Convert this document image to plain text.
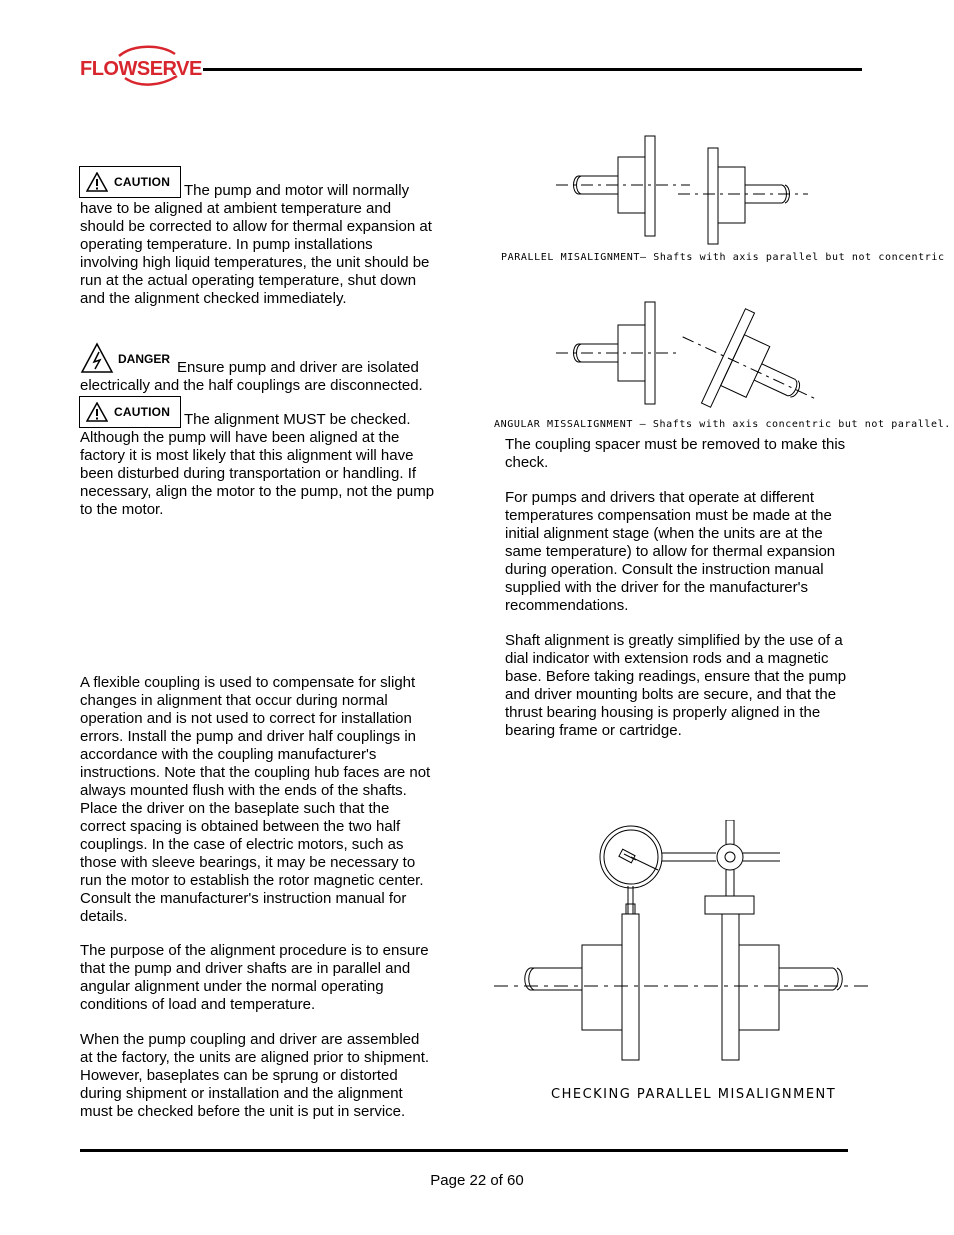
FLOWSERVE
CAUTION The pump and motor will normally
have to be aligned at ambient temperature and
should be corrected to allow for thermal expansion at
operating temperature. In pump installations
involving high liquid temperatures, the unit should be
run at the actual operating temperature, shut down
and the alignment checked immediately.
DANGER Ensure pump and driver are isolated
electrically and the half couplings are disconnected.
CAUTION The alignment MUST be checked.
Although the pump will have been aligned at the
factory it is most likely that this alignment will have
been disturbed during transportation or handling. If
necessary, align the motor to the pump, not the pump
to the motor.
A flexible coupling is used to compensate for slight
changes in alignment that occur during normal
operation and is not used to correct for installation
errors. Install the pump and driver half couplings in
accordance with the coupling manufacturer's
instructions. Note that the coupling hub faces are not
always mounted flush with the ends of the shafts.
Place the driver on the baseplate such that the
correct spacing is obtained between the two half
couplings. In the case of electric motors, such as
those with sleeve bearings, it may be necessary to
run the motor to establish the rotor magnetic center.
Consult the manufacturer's instruction manual for
details.
The purpose of the alignment procedure is to ensure
that the pump and driver shafts are in parallel and
angular alignment under the normal operating
conditions of load and temperature.
When the pump coupling and driver are assembled
at the factory, the units are aligned prior to shipment.
However, baseplates can be sprung or distorted
during shipment or installation and the alignment
must be checked before the unit is put in service.
PARALLEL MISALIGNMENT— Shafts with axis parallel but not concentric
ANGULAR MISSALIGNMENT — Shafts with axis concentric but not parallel.
The coupling spacer must be removed to make this
check.
For pumps and drivers that operate at different
temperatures compensation must be made at the
initial alignment stage (when the units are at the
same temperature) to allow for thermal expansion
during operation. Consult the instruction manual
supplied with the driver for the manufacturer's
recommendations.
Shaft alignment is greatly simplified by the use of a
dial indicator with extension rods and a magnetic
base. Before taking readings, ensure that the pump
and driver mounting bolts are secure, and that the
thrust bearing housing is properly aligned in the
bearing frame or cartridge.
CHECKING PARALLEL MISALIGNMENT
Page 22 of 60
